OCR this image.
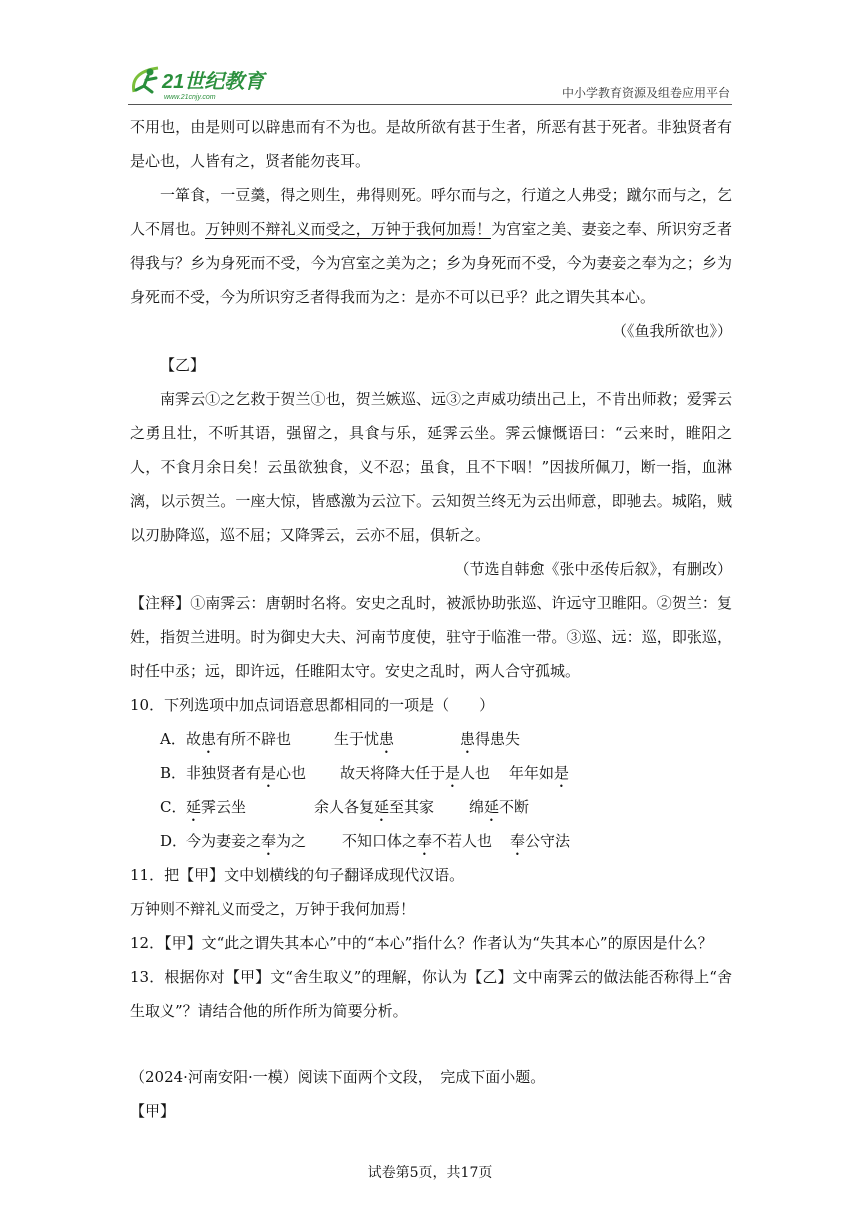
21世纪教育
www.21cnjy.com	中小学教育资源及组卷应用平台

不用也，由是则可以辟患而有不为也。是故所欲有甚于生者，所恶有甚于死者。非独贤者有是心也，人皆有之，贤者能勿丧耳。

一箪食，一豆羹，得之则生，弗得则死。呼尔而与之，行道之人弗受；蹴尔而与之，乞人不屑也。万钟则不辩礼义而受之，万钟于我何加焉！为宫室之美、妻妾之奉、所识穷乏者得我与？乡为身死而不受，今为宫室之美为之；乡为身死而不受，今为妻妾之奉为之；乡为身死而不受，今为所识穷乏者得我而为之：是亦不可以已乎？此之谓失其本心。

（《鱼我所欲也》）

【乙】

南霁云①之乞救于贺兰①也，贺兰嫉巡、远③之声威功绩出己上，不肯出师救；爱霁云之勇且壮，不听其语，强留之，具食与乐，延霁云坐。霁云慷慨语曰：“云来时，睢阳之人，不食月余日矣！云虽欲独食，义不忍；虽食，且不下咽！”因拔所佩刀，断一指，血淋漓，以示贺兰。一座大惊，皆感激为云泣下。云知贺兰终无为云出师意，即驰去。城陷，贼以刃胁降巡，巡不屈；又降霁云，云亦不屈，俱斩之。

（节选自韩愈《张中丞传后叙》，有删改）

【注释】①南霁云：唐朝时名将。安史之乱时，被派协助张巡、许远守卫睢阳。②贺兰：复姓，指贺兰进明。时为御史大夫、河南节度使，驻守于临淮一带。③巡、远：巡，即张巡，时任中丞；远，即许远，任睢阳太守。安史之乱时，两人合守孤城。

10．下列选项中加点词语意思都相同的一项是（　　）

A． 故患有所不辟也	生于忧患	患得患失
B． 非独贤者有是心也 故天将降大任于是人也 年年如是
C． 延霁云坐	余人各复延至其家 绵延不断
D．
今为妻妾之奉为之 不知口体之奉不若人也 奉公守法

11．把【甲】文中划横线的句子翻译成现代汉语。

万钟则不辩礼义而受之，万钟于我何加焉！

12．【甲】文“此之谓失其本心”中的“本心”指什么？作者认为“失其本心”的原因是什么？

13．根据你对【甲】文“舍生取义”的理解，你认为【乙】文中南霁云的做法能否称得上“舍生取义”？请结合他的所作所为简要分析。

（2024·河南安阳·一模）阅读下面两个文段，　完成下面小题。

【甲】

试卷第5页，共17页
